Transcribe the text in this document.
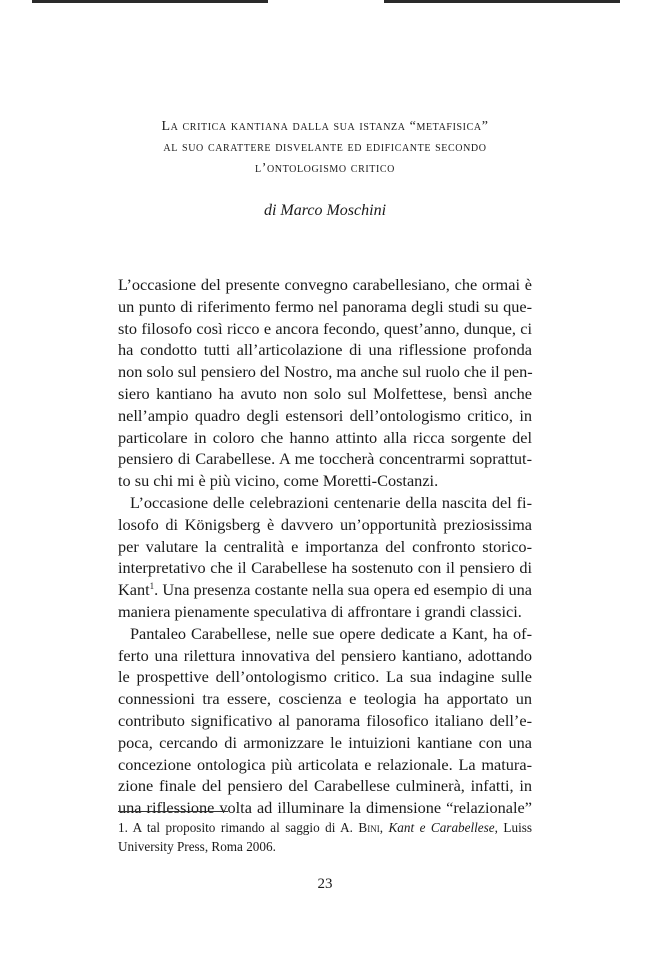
La critica kantiana dalla sua istanza “metafisica”
al suo carattere disvelante ed edificante secondo
l’ontologismo critico
di Marco Moschini
L’occasione del presente convegno carabellesiano, che ormai è
un punto di riferimento fermo nel panorama degli studi su que-
sto filosofo così ricco e ancora fecondo, quest’anno, dunque, ci
ha condotto tutti all’articolazione di una riflessione profonda
non solo sul pensiero del Nostro, ma anche sul ruolo che il pen-
siero kantiano ha avuto non solo sul Molfettese, bensì anche
nell’ampio quadro degli estensori dell’ontologismo critico, in
particolare in coloro che hanno attinto alla ricca sorgente del
pensiero di Carabellese. A me toccherà concentrarmi soprattut-
to su chi mi è più vicino, come Moretti-Costanzi.
L’occasione delle celebrazioni centenarie della nascita del fi-
losofo di Königsberg è davvero un’opportunità preziosissima
per valutare la centralità e importanza del confronto storico-
interpretativo che il Carabellese ha sostenuto con il pensiero di
Kant$^1$. Una presenza costante nella sua opera ed esempio di una
maniera pienamente speculativa di affrontare i grandi classici.
Pantaleo Carabellese, nelle sue opere dedicate a Kant, ha of-
ferto una rilettura innovativa del pensiero kantiano, adottando
le prospettive dell’ontologismo critico. La sua indagine sulle
connessioni tra essere, coscienza e teologia ha apportato un
contributo significativo al panorama filosofico italiano dell’e-
poca, cercando di armonizzare le intuizioni kantiane con una
concezione ontologica più articolata e relazionale. La matura-
zione finale del pensiero del Carabellese culminerà, infatti, in
una riflessione volta ad illuminare la dimensione “relazionale”
1. A tal proposito rimando al saggio di A. Bini, Kant e Carabellese, Luiss
University Press, Roma 2006.
23
